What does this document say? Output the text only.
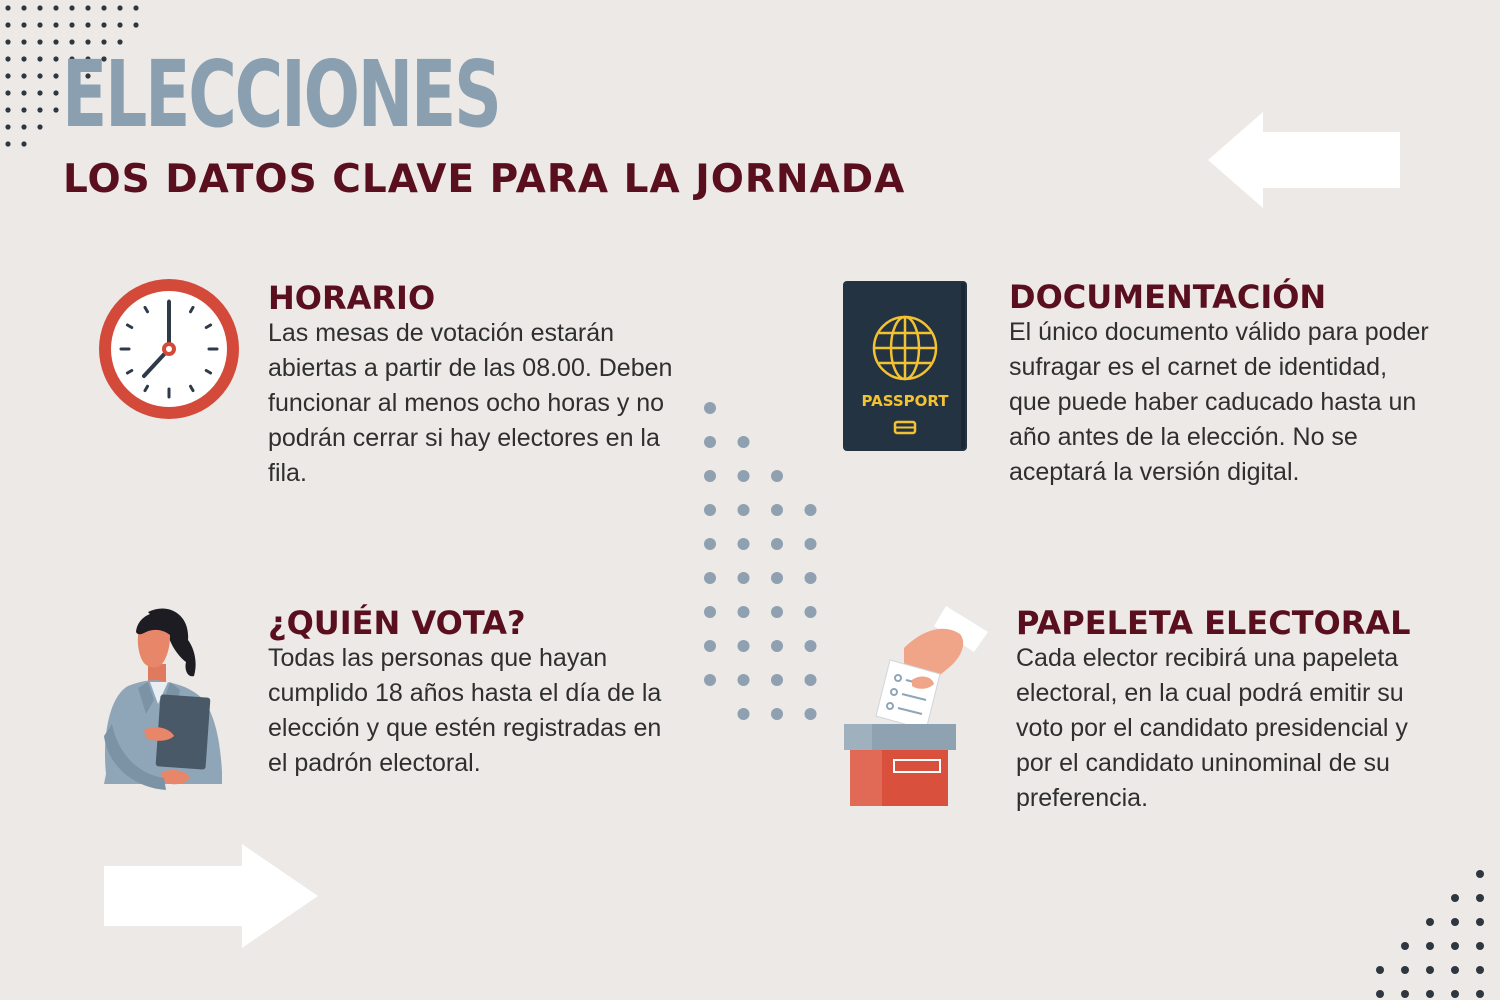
ELECCIONES
LOS DATOS CLAVE PARA LA JORNADA
HORARIO

Las mesas de votación estarán abiertas a partir de las 08.00. Deben funcionar al menos ocho horas y no podrán cerrar si hay electores en la fila.

PASSPORT
DOCUMENTACIÓN

El único documento válido para poder sufragar es el carnet de identidad, que puede haber caducado hasta un año antes de la elección. No se aceptará la versión digital.

¿QUIÉN VOTA?

Todas las personas que hayan cumplido 18 años hasta el día de la elección y que estén registradas en el padrón electoral.

PAPELETA ELECTORAL

Cada elector recibirá una papeleta electoral, en la cual podrá emitir su voto por el candidato presidencial y por el candidato uninominal de su preferencia.
